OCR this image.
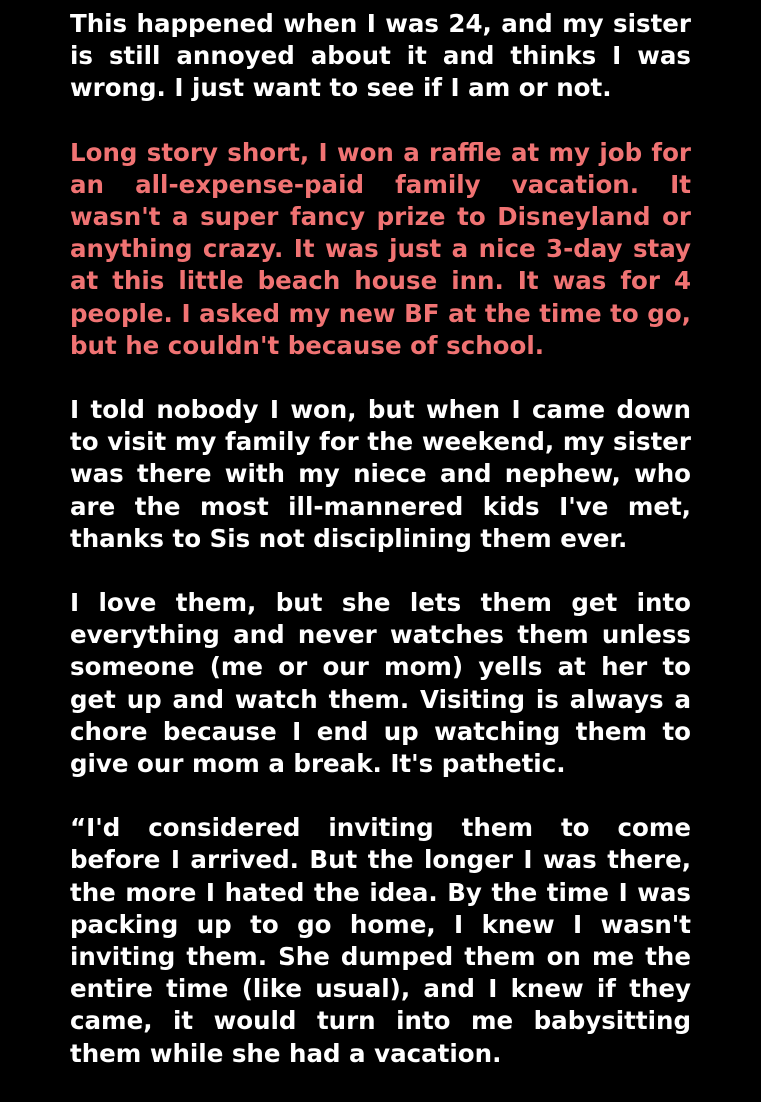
This happened when I was 24, and my sister is still annoyed about it and thinks I was wrong. I just want to see if I am or not.

Long story short, I won a raffle at my job for an all-expense-paid family vacation. It wasn't a super fancy prize to Disneyland or anything crazy. It was just a nice 3-day stay at this little beach house inn. It was for 4 people. I asked my new BF at the time to go, but he couldn't because of school.

I told nobody I won, but when I came down to visit my family for the weekend, my sister was there with my niece and nephew, who are the most ill-mannered kids I've met, thanks to Sis not disciplining them ever.

I love them, but she lets them get into everything and never watches them unless someone (me or our mom) yells at her to get up and watch them. Visiting is always a chore because I end up watching them to give our mom a break. It's pathetic.

“I'd considered inviting them to come before I arrived. But the longer I was there, the more I hated the idea. By the time I was packing up to go home, I knew I wasn't inviting them. She dumped them on me the entire time (like usual), and I knew if they came, it would turn into me babysitting them while she had a vacation.
